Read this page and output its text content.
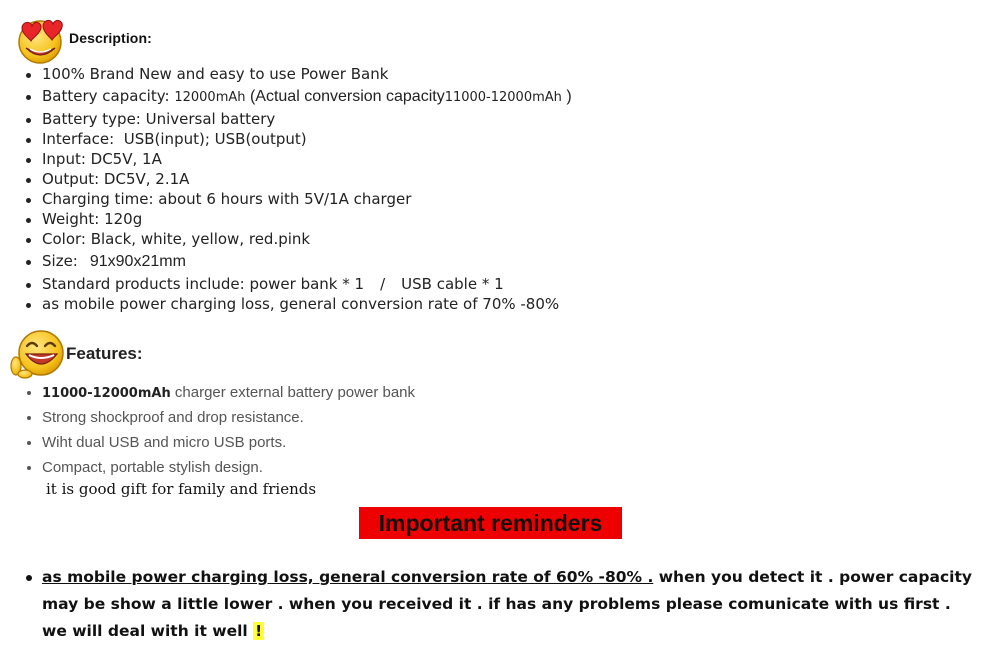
Description:
100% Brand New and easy to use Power Bank
Battery capacity: 12000mAh (Actual conversion capacity11000-12000mAh )
Battery type: Universal battery
Interface:  USB(input); USB(output)
Input: DC5V, 1A
Output: DC5V, 2.1A
Charging time: about 6 hours with 5V/1A charger
Weight: 120g
Color: Black, white, yellow, red.pink
Size: 91x90x21mm
Standard products include: power bank * 1 / USB cable * 1
as mobile power charging loss, general conversion rate of 70% -80%
Features:
11000-12000mAh charger external battery power bank
Strong shockproof and drop resistance.
Wiht dual USB and micro USB ports.
Compact, portable stylish design.
it is good gift for family and friends
Important reminders
as mobile power charging loss, general conversion rate of 60% -80% . when you detect it . power capacity may be show a little lower . when you received it . if has any problems please comunicate with us first . we will deal with it well !
